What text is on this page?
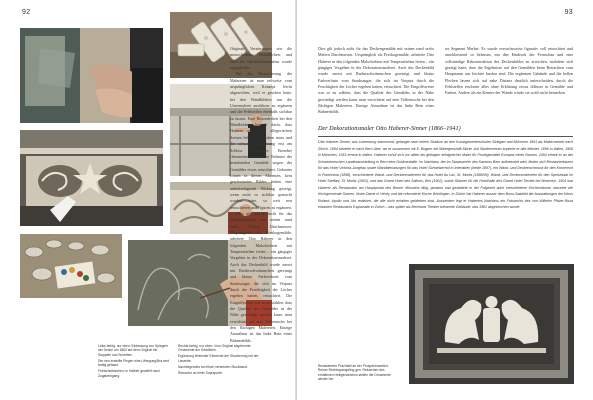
92

Links farbig, nur oben: Einfassung von Spiegeln der Decke um 1862 auf dem Original mit Stuppeln und Scheiben.

Der neu erstellte Plegen eine Liftregung/Bra wird farbig gefasst.

Feinschnitzkerien: in Halbier gewählt nach Zugabeingang.

Rechts farbig, nur oben: Vom Original abgeformte Ornamente am Gewölben.

Ergänzung fehlender Elemente der Stuckierung mit der Lanzette.

Nachfolgendes am frisch versetzten Stuckband.

Retusche an einer Supraporte.

93

Originale Verzierungen wie die monochromen Wandflächen, und auch die Oberflächenstruktur wurde angeglichen.

Bei der Restaurierung der Malereien ist man teilweise vom ursprünglichen Konzept leicht abgewichen, weil er gesehen hatte, bei den Wandbildern nur die Untermalerei ausführen zu ergänzen und die Fehlstellen ebenfalls sichtbar zu lassen. Eine Besonderheit bei den Wandbildern bestellt darin, dass Haberer zuerst die allegorischen Szenen hell gemalt haben muss und die schwarze Ausfassung erst am Schluss hinzufügte. Einzelne Ornamente wurden im Rahmen der bestehenden Gemälde wegen der Gemäldes etwas retuschiert. Gebauter Linien in diesen Akzenten, kein geschwärztes Bildes hätten eine unbefriedigende Wirkung gezeigt, wenn nicht so sichtbar gemacht worden wäre, so weit neu retuschieren und Figuren zu ergänzen.

Dies gilt jedoch nicht für das Deckengemälde mit seinen rund sechs Metern Durchmesser. Ursprünglich als Freskogemälde, arbeitete Otto Haberer in den folgenden Malschichten mit Temperafarben freien – ein gängiges Vorgehen in der Dekorationsmalerei. Auch das Deckenbild wurde zuerst mit Radierschwämmchen gereinigt und kleine Farbverluste vom Staubsauger, die sich im Verputz durch die Feuchtigkeit der Löcher ergeben hatten, retuschiert. Die Eingriffsweise war so zu wählen, dass die Qualität des Gemäldes in der Nähe gewürdigt werden kann, man verrichtete auf eine Vollretusche bei den flächigen Malereien. Einzige Ausnahme ist das linke Bein eines Bühnenbilds.

Dies gilt jedoch nicht für das Deckengemälde mit seinen rund sechs Metern Durchmesser. Ursprünglich als Freskogemälde, arbeitete Otto Haberer in den folgenden Malschichten mit Temperafarben freien – ein gängiges Vorgehen in der Dekorationsmalerei. Auch das Deckenbild wurde zuerst mit Radierschwämmchen gereinigt und kleine Farbverluste vom Staubsauger, die sich im Verputz durch die Feuchtigkeit der Löcher ergeben hatten, retuschiert. Die Eingriffsweise war so zu wählen, dass die Qualität des Gemäldes in der Nähe gewürdigt werden kann, man verrichtete auf eine Vollretusche bei den flächigen Malereien. Einzige Ausnahme ist das linke Bein eines Bühnenbilds.

ter Segment Merbst: Es wurde versuchsweise figurativ voll retuschiert und anschliessend so belassen, um den Eindruck der Fernschau und eine vollständige Rekonstruktion des Deckenbildes zu erreichen, nachdem sich gezeigt hatte, dass die Ergebnisse auf den Gemälden beim Betrachten vom Hauptraum aus leichter fassbar sind. Die ergänzten Gebäude und die hellen Flecken lassen sich auf nahe Distanz deutlich unterscheiden, durch die Fehlstellen erscheint alles ohne Erklärung etwas diffuser in Gemälde und Farben. Andere als ein Kenner der Wände würde sie wohl nicht bemerken.

Der Dekorationsmaler Otto Haberer-Sinner (1866–1941)
Otto Haberer-Sinner, aus Lotzenburg stammend, gelangte nach einem Studium an den Kunstgewerbeschulen Stuttgart und München 1891 als Malermeister nach Zürich. 1894 siedelte er nach Bern über, wo er zusammen mit E. Bogner ein Malergeschäft führte. Auf Studienreisen kopierte er alte Meister, 1896 in Italien, 1908 in München, 1915 erneut in Italien. Haberer schuf sich vor allem als gefragter erfolgreicher Maler für Prunkgemälde Europas einen Namen. 1904 erhielt er an der Schweizerischen Landesausstellung in Bern eine Goldmedaille. Im Nachlass, der im Staatsarchiv des Kantons Bern aufbewahrt wird, finden sich Restaurierkizzen für das Hotel Victoria-Jungfrau sowie Wandbemalungen für das Hotel Schweizerhof in Interlaken (beide 1897), ein Wand- und Deckenschmuck für den Kronenhof in Pontresina (1898), verschiedene Wand- und Deckenmalereien für das Hotel du Lac, St. Moritz (1898/99), Wand- und Deckenmalereien für den Speisesaal im Hotel Steffani, St. Moritz (1902), und das Grand Hotel des Salines, Bex (1902), sowie Skizzen für die Hotelhalle des Grand Hotel Territet bei Montreux. 1904 war Haberer als Restaurator am Hauptportal des Berner Münsters tätig, gewann und gestaltete in der Folgezeit auch verschiedene Kirchenräume, darunter die Kirchgemeinde Sarnen, Notre-Dame in Vevey und die reformierte Kirche Wohlingen. In Zürich hat Haberer ausser dem Bonn-Saalbild die Ausstattungen der Kinos Roland, Apollo und Uto realisiert, die alle nicht erhalten geblieben sind. Ausserdem legt er Haberers Nachlass ein Fotoarchiv des von Wilhelm Pfister-Rosa erbauten Restaurants Esplanade in Zürich – das später als Bernhard Theater bekannte Gebäude, das 1981 abgebrochen wurde.
Restaurierter Prachtstil an der Prospektrosetten: Reiner Rechtsgrengeling gen. Retuschen des erhaltenen Heiligenzeichns stellen die Ornamente wieder her.
